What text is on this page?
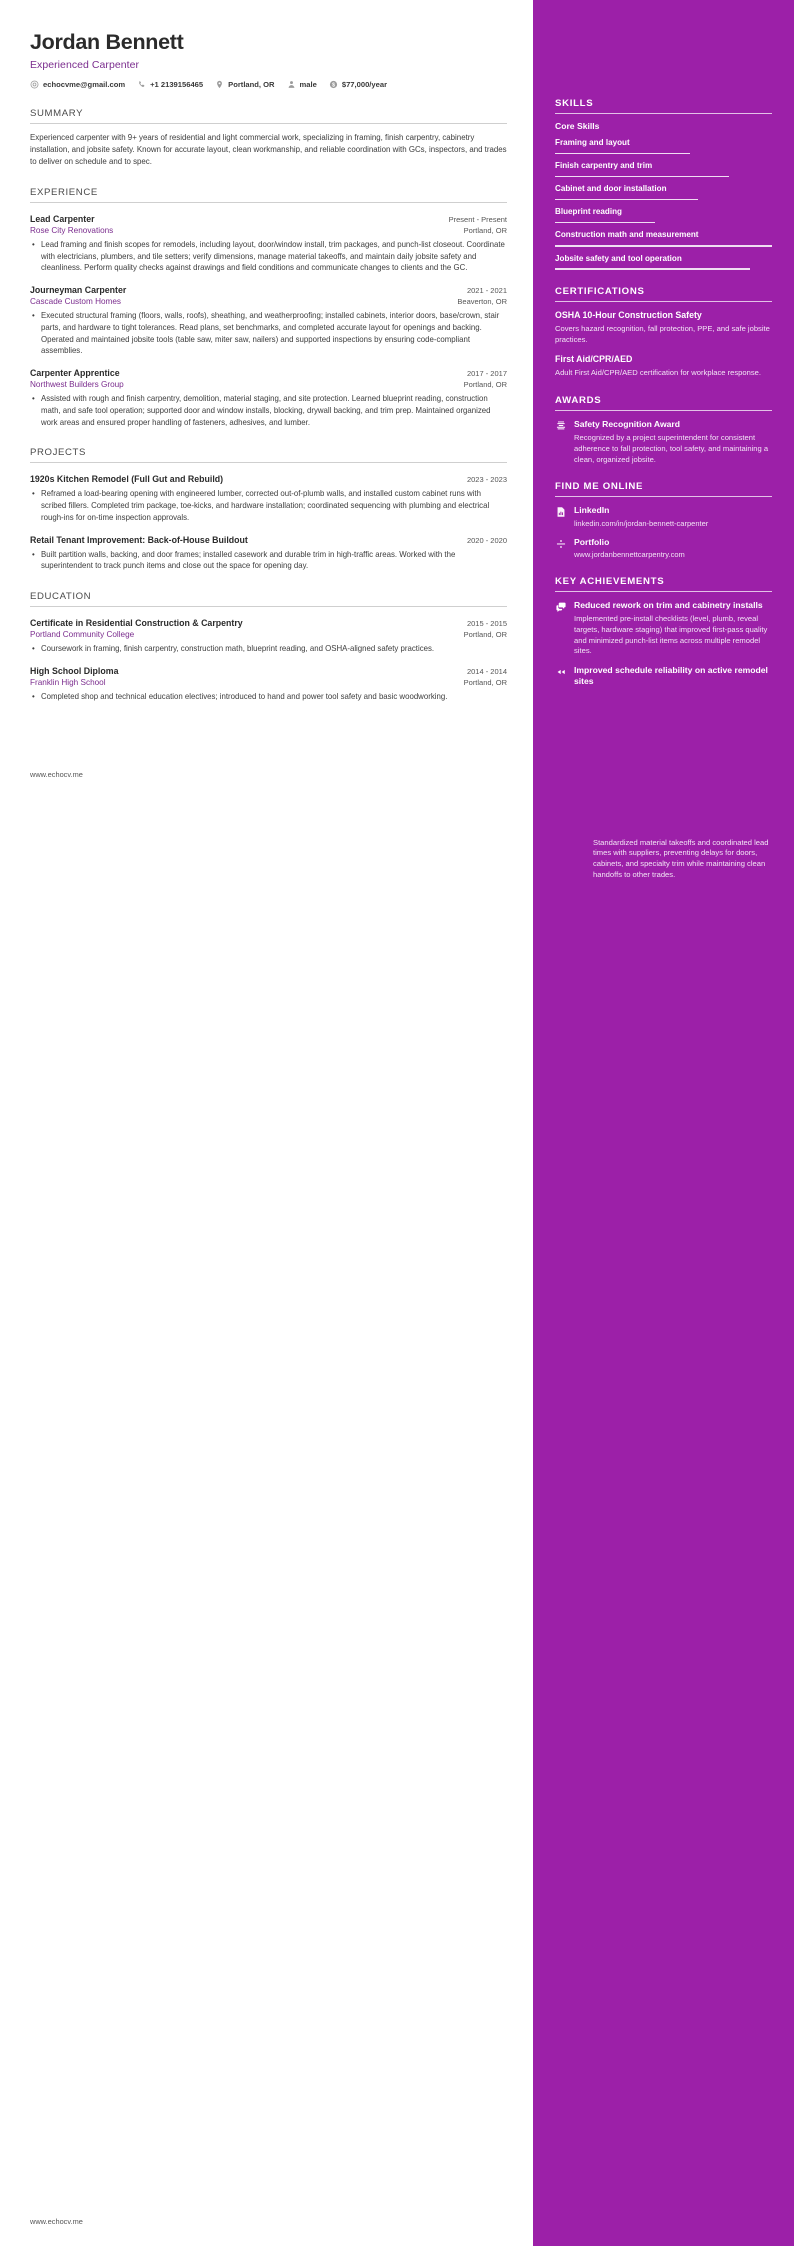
Jordan Bennett
Experienced Carpenter
echocvme@gmail.com	+1 2139156465	Portland, OR	male $ $77,000/year
SUMMARY
Experienced carpenter with 9+ years of residential and light commercial work, specializing in framing, finish carpentry, cabinetry installation, and jobsite safety. Known for accurate layout, clean workmanship, and reliable coordination with GCs, inspectors, and trades to deliver on schedule and to spec.
EXPERIENCE
Lead Carpenter	Present - Present
Rose City Renovations	Portland, OR
• Lead framing and finish scopes for remodels, including layout, door/window install, trim packages, and punch-list closeout. Coordinate with electricians, plumbers, and tile setters; verify dimensions, manage material takeoffs, and maintain daily jobsite safety and cleanliness. Perform quality checks against drawings and field conditions and communicate changes to clients and the GC.
Journeyman Carpenter	2021 - 2021
Cascade Custom Homes	Beaverton, OR
• Executed structural framing (floors, walls, roofs), sheathing, and weatherproofing; installed cabinets, interior doors, base/crown, stair parts, and hardware to tight tolerances. Read plans, set benchmarks, and completed accurate layout for openings and backing. Operated and maintained jobsite tools (table saw, miter saw, nailers) and supported inspections by ensuring code-compliant assemblies.
Carpenter Apprentice	2017 - 2017
Northwest Builders Group	Portland, OR
• Assisted with rough and finish carpentry, demolition, material staging, and site protection. Learned blueprint reading, construction math, and safe tool operation; supported door and window installs, blocking, drywall backing, and trim prep. Maintained organized work areas and ensured proper handling of fasteners, adhesives, and lumber.
PROJECTS
1920s Kitchen Remodel (Full Gut and Rebuild)	2023 - 2023
• Reframed a load-bearing opening with engineered lumber, corrected out-of-plumb walls, and installed custom cabinet runs with scribed fillers. Completed trim package, toe-kicks, and hardware installation; coordinated sequencing with plumbing and electrical rough-ins for on-time inspection approvals.
Retail Tenant Improvement: Back-of-House Buildout	2020 - 2020
• Built partition walls, backing, and door frames; installed casework and durable trim in high-traffic areas. Worked with the superintendent to track punch items and close out the space for opening day.
EDUCATION
Certificate in Residential Construction & Carpentry	2015 - 2015
Portland Community College	Portland, OR
• Coursework in framing, finish carpentry, construction math, blueprint reading, and OSHA-aligned safety practices.
High School Diploma	2014 - 2014
Franklin High School	Portland, OR
• Completed shop and technical education electives; introduced to hand and power tool safety and basic woodworking.
www.echocv.me
www.echocv.me
SKILLS
Core Skills
Framing and layout
Finish carpentry and trim
Cabinet and door installation
Blueprint reading
Construction math and measurement
Jobsite safety and tool operation
CERTIFICATIONS
OSHA 10-Hour Construction Safety
Covers hazard recognition, fall protection, PPE, and safe jobsite practices.
First Aid/CPR/AED
Adult First Aid/CPR/AED certification for workplace response.
AWARDS
Safety Recognition Award
Recognized by a project superintendent for consistent adherence to fall protection, tool safety, and maintaining a clean, organized jobsite.
FIND ME ONLINE
LinkedIn
linkedin.com/in/jordan-bennett-carpenter
Portfolio
www.jordanbennettcarpentry.com
KEY ACHIEVEMENTS
Reduced rework on trim and cabinetry installs
Implemented pre-install checklists (level, plumb, reveal targets, hardware staging) that improved first-pass quality and minimized punch-list items across multiple remodel sites.
Improved schedule reliability on active remodel sites
Standardized material takeoffs and coordinated lead times with suppliers, preventing delays for doors, cabinets, and specialty trim while maintaining clean handoffs to other trades.
